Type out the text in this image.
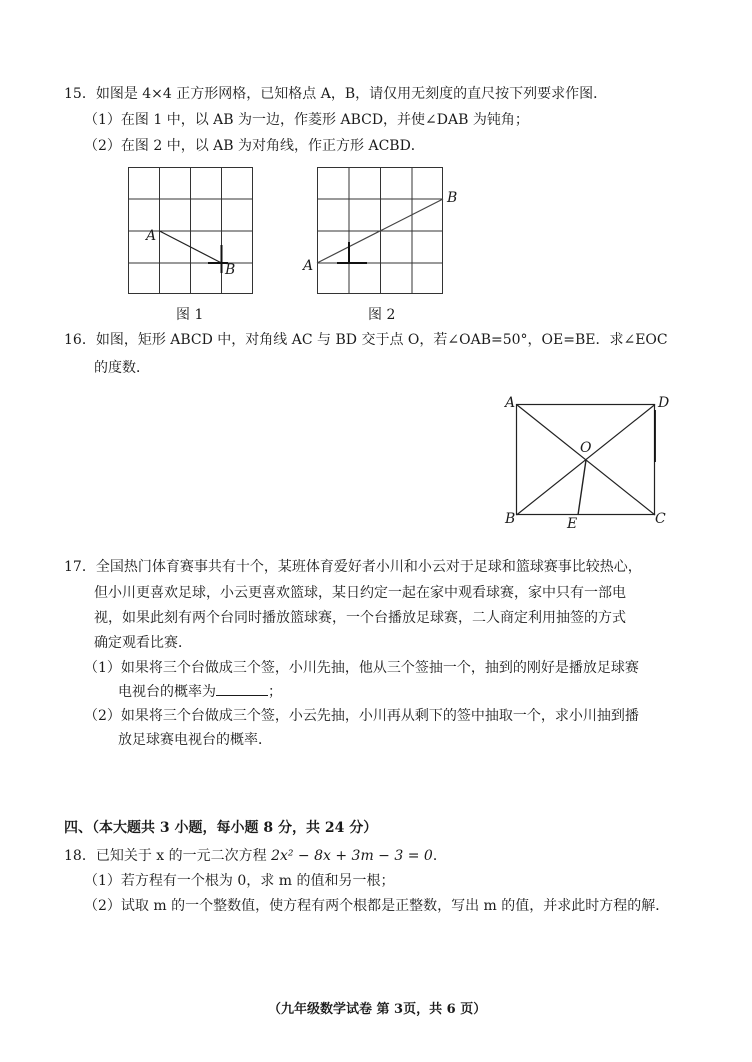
15．如图是 4×4 正方形网格，已知格点 A，B，请仅用无刻度的直尺按下列要求作图．
（1）在图 1 中，以 AB 为一边，作菱形 ABCD，并使∠DAB 为钝角；
（2）在图 2 中，以 AB 为对角线，作正方形 ACBD．
A
B
图 1
A
B
图 2
16．如图，矩形 ABCD 中，对角线 AC 与 BD 交于点 O，若∠OAB=50°，OE=BE．求∠EOC
的度数．
A	D
O
B	E	C
17．全国热门体育赛事共有十个，某班体育爱好者小川和小云对于足球和篮球赛事比较热心，
但小川更喜欢足球，小云更喜欢篮球，某日约定一起在家中观看球赛，家中只有一部电
视，如果此刻有两个台同时播放篮球赛，一个台播放足球赛，二人商定利用抽签的方式
确定观看比赛．
（1）如果将三个台做成三个签，小川先抽，他从三个签抽一个，抽到的刚好是播放足球赛
电视台的概率为	；
（2）如果将三个台做成三个签，小云先抽，小川再从剩下的签中抽取一个，求小川抽到播
放足球赛电视台的概率．
四、（本大题共 3 小题，每小题 8 分，共 24 分）
18．已知关于 x 的一元二次方程 2x² − 8x + 3m − 3 = 0．
（1）若方程有一个根为 0，求 m 的值和另一根；
（2）试取 m 的一个整数值，使方程有两个根都是正整数，写出 m 的值，并求此时方程的解．
（九年级数学试卷 第 3页，共 6 页）
